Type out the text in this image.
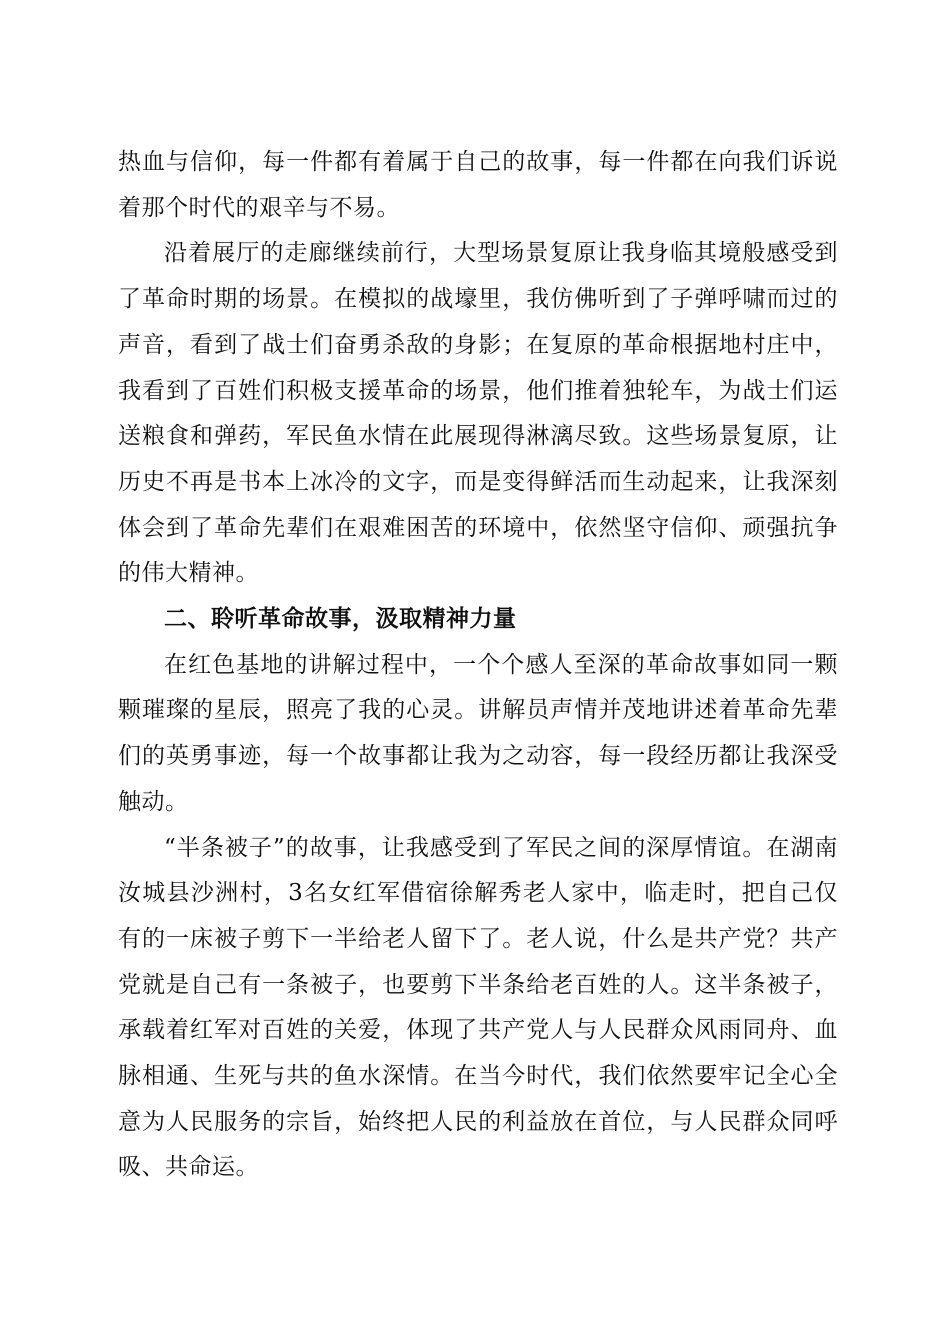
热血与信仰，每一件都有着属于自己的故事，每一件都在向我们诉说着那个时代的艰辛与不易。

沿着展厅的走廊继续前行，大型场景复原让我身临其境般感受到了革命时期的场景。在模拟的战壕里，我仿佛听到了子弹呼啸而过的声音，看到了战士们奋勇杀敌的身影；在复原的革命根据地村庄中，我看到了百姓们积极支援革命的场景，他们推着独轮车，为战士们运送粮食和弹药，军民鱼水情在此展现得淋漓尽致。这些场景复原，让历史不再是书本上冰冷的文字，而是变得鲜活而生动起来，让我深刻体会到了革命先辈们在艰难困苦的环境中，依然坚守信仰、顽强抗争的伟大精神。

二、聆听革命故事，汲取精神力量

在红色基地的讲解过程中，一个个感人至深的革命故事如同一颗颗璀璨的星辰，照亮了我的心灵。讲解员声情并茂地讲述着革命先辈们的英勇事迹，每一个故事都让我为之动容，每一段经历都让我深受触动。

“半条被子”的故事，让我感受到了军民之间的深厚情谊。在湖南汝城县沙洲村，3名女红军借宿徐解秀老人家中，临走时，把自己仅有的一床被子剪下一半给老人留下了。老人说，什么是共产党？共产党就是自己有一条被子，也要剪下半条给老百姓的人。这半条被子，承载着红军对百姓的关爱，体现了共产党人与人民群众风雨同舟、血脉相通、生死与共的鱼水深情。在当今时代，我们依然要牢记全心全意为人民服务的宗旨，始终把人民的利益放在首位，与人民群众同呼吸、共命运。
